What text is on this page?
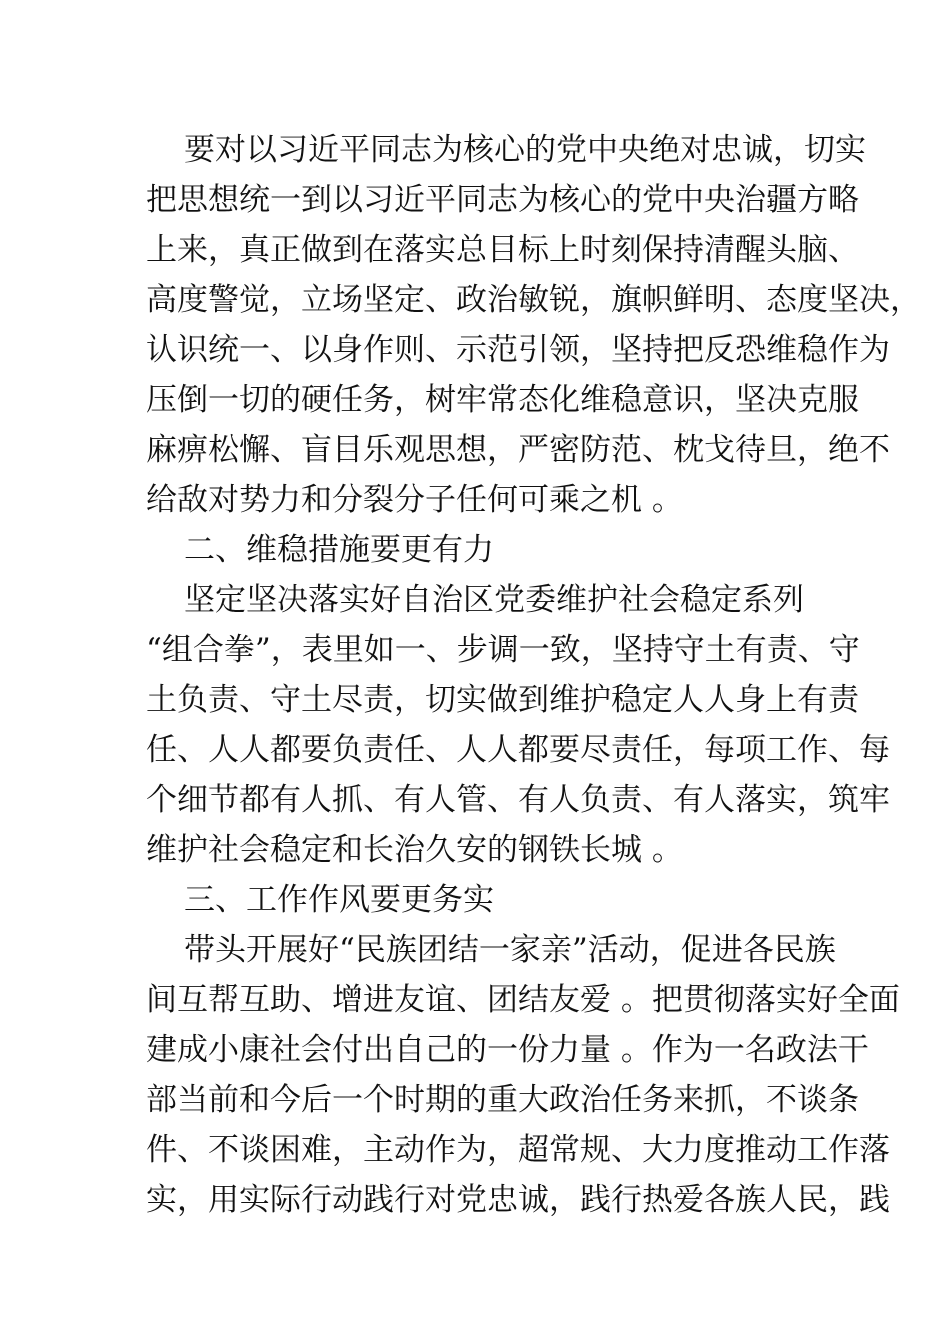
要对以习近平同志为核心的党中央绝对忠诚，切实
把思想统一到以习近平同志为核心的党中央治疆方略
上来，真正做到在落实总目标上时刻保持清醒头脑、
高度警觉，立场坚定、政治敏锐，旗帜鲜明、态度坚决，
认识统一、以身作则、示范引领，坚持把反恐维稳作为
压倒一切的硬任务，树牢常态化维稳意识，坚决克服
麻痹松懈、盲目乐观思想，严密防范、枕戈待旦，绝不
给敌对势力和分裂分子任何可乘之机 。
二、维稳措施要更有力
坚定坚决落实好自治区党委维护社会稳定系列
“组合拳”，表里如一、步调一致，坚持守土有责、守
土负责、守土尽责，切实做到维护稳定人人身上有责
任、人人都要负责任、人人都要尽责任，每项工作、每
个细节都有人抓、有人管、有人负责、有人落实，筑牢
维护社会稳定和长治久安的钢铁长城 。
三、工作作风要更务实
带头开展好“民族团结一家亲”活动，促进各民族
间互帮互助、增进友谊、团结友爱 。把贯彻落实好全面
建成小康社会付出自己的一份力量 。作为一名政法干
部当前和今后一个时期的重大政治任务来抓，不谈条
件、不谈困难，主动作为，超常规、大力度推动工作落
实，用实际行动践行对党忠诚，践行热爱各族人民，践
